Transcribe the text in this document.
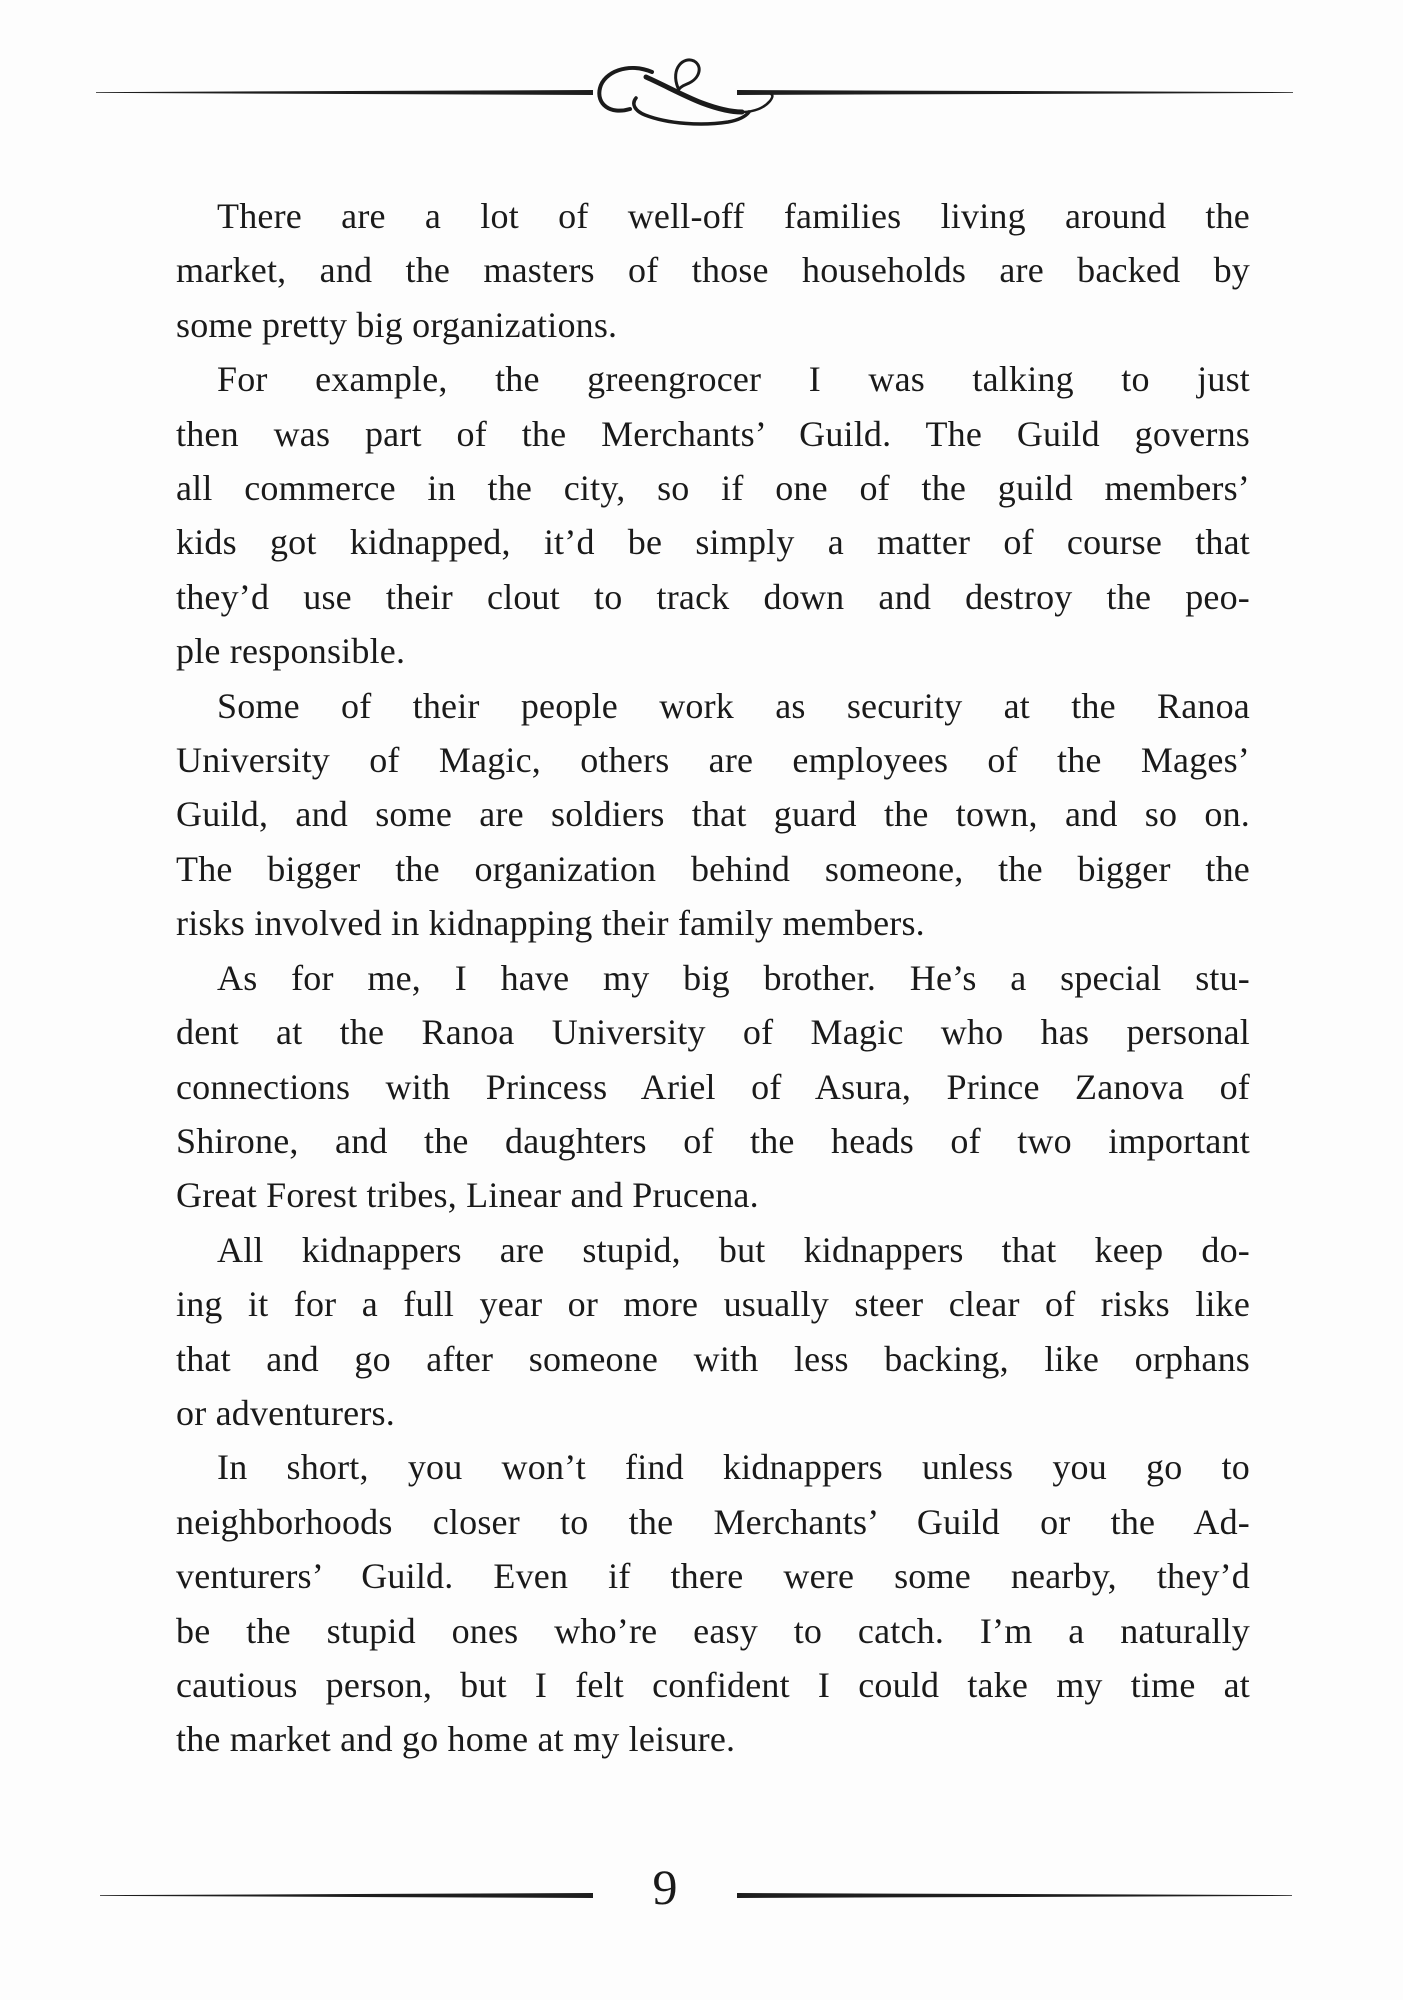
There are a lot of well-off families living around the
market, and the masters of those households are backed by
some pretty big organizations.
For example, the greengrocer I was talking to just
then was part of the Merchants’ Guild. The Guild governs
all commerce in the city, so if one of the guild members’
kids got kidnapped, it’d be simply a matter of course that
they’d use their clout to track down and destroy the peo-
ple responsible.
Some of their people work as security at the Ranoa
University of Magic, others are employees of the Mages’
Guild, and some are soldiers that guard the town, and so on.
The bigger the organization behind someone, the bigger the
risks involved in kidnapping their family members.
As for me, I have my big brother. He’s a special stu-
dent at the Ranoa University of Magic who has personal
connections with Princess Ariel of Asura, Prince Zanova of
Shirone, and the daughters of the heads of two important
Great Forest tribes, Linear and Prucena.
All kidnappers are stupid, but kidnappers that keep do-
ing it for a full year or more usually steer clear of risks like
that and go after someone with less backing, like orphans
or adventurers.
In short, you won’t find kidnappers unless you go to
neighborhoods closer to the Merchants’ Guild or the Ad-
venturers’ Guild. Even if there were some nearby, they’d
be the stupid ones who’re easy to catch. I’m a naturally
cautious person, but I felt confident I could take my time at
the market and go home at my leisure.
9
